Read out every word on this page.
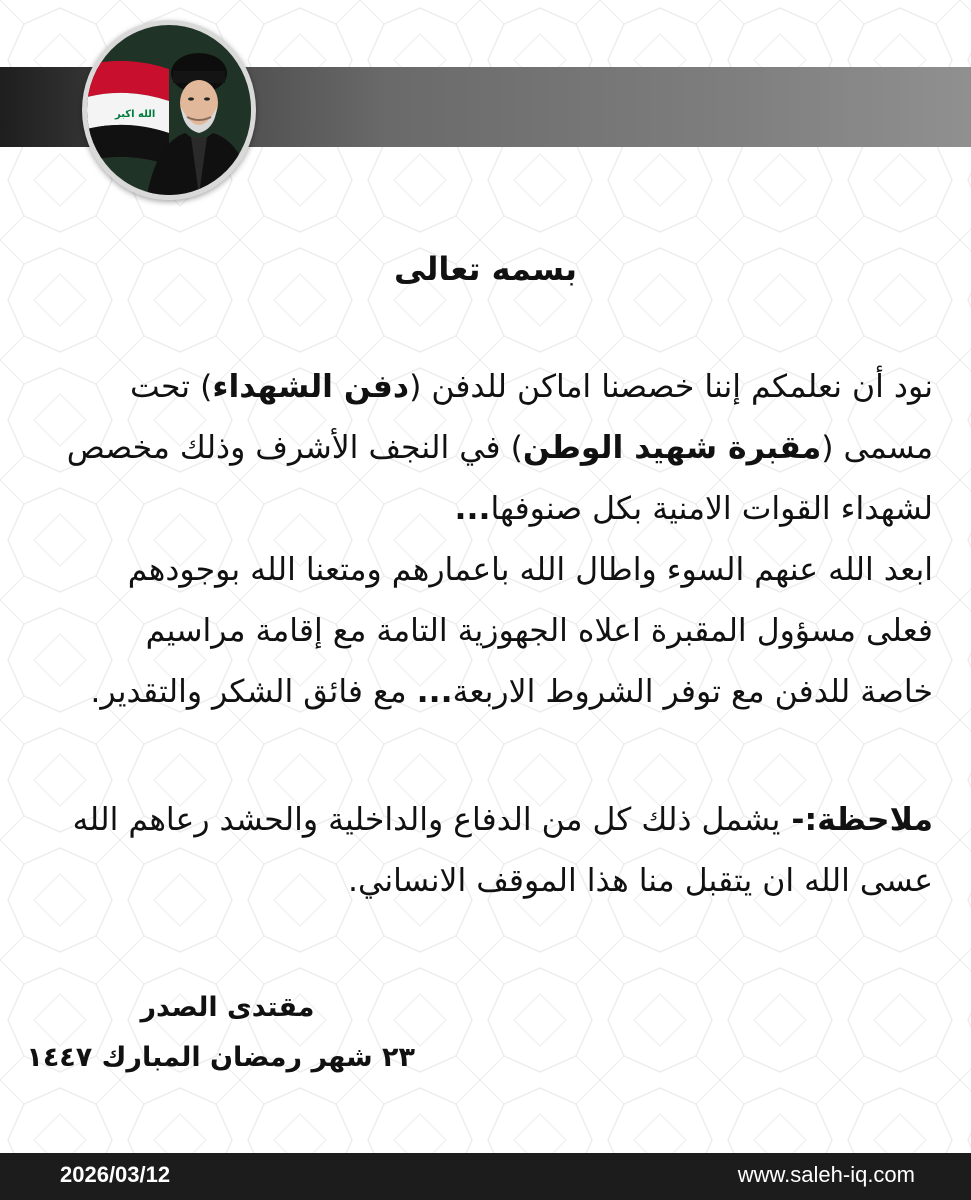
الله اكبر
بسمه تعالى
نود أن نعلمكم إننا خصصنا اماكن للدفن (دفن الشهداء) تحت
مسمى (مقبرة شهيد الوطن) في النجف الأشرف وذلك مخصص
لشهداء القوات الامنية بكل صنوفها...
ابعد الله عنهم السوء واطال الله باعمارهم ومتعنا الله بوجودهم
فعلى مسؤول المقبرة اعلاه الجهوزية التامة مع إقامة مراسيم
خاصة للدفن مع توفر الشروط الاربعة... مع فائق الشكر والتقدير.
ملاحظة:- يشمل ذلك كل من الدفاع والداخلية والحشد رعاهم الله
عسى الله ان يتقبل منا هذا الموقف الانساني.
مقتدى الصدر
٢٣ شهر رمضان المبارك ١٤٤٧
2026/03/12	www.saleh-iq.com
